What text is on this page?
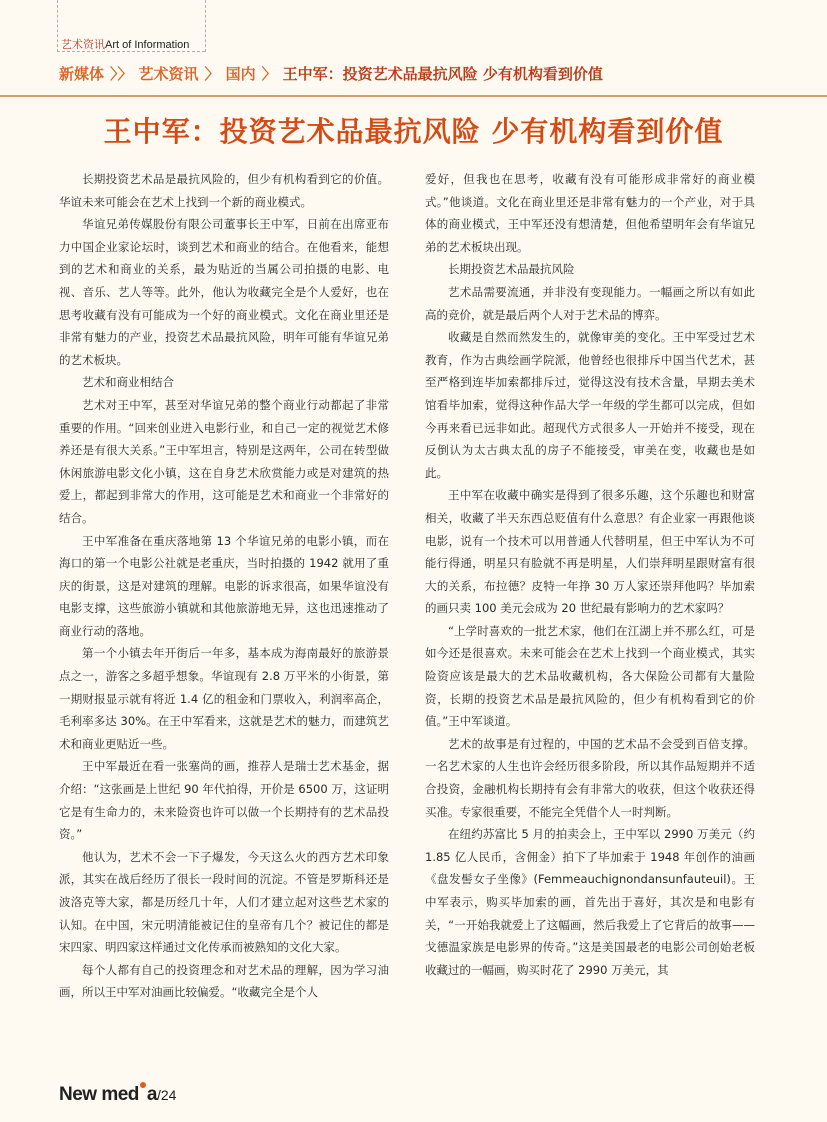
艺术资讯Art of Information
新媒体 〉〉 艺术资讯 〉 国内 〉 王中军：投资艺术品最抗风险 少有机构看到价值
王中军：投资艺术品最抗风险 少有机构看到价值

长期投资艺术品是最抗风险的，但少有机构看到它的价值。华谊未来可能会在艺术上找到一个新的商业模式。

华谊兄弟传媒股份有限公司董事长王中军，日前在出席亚布力中国企业家论坛时，谈到艺术和商业的结合。在他看来，能想到的艺术和商业的关系，最为贴近的当属公司拍摄的电影、电视、音乐、艺人等等。此外，他认为收藏完全是个人爱好，也在思考收藏有没有可能成为一个好的商业模式。文化在商业里还是非常有魅力的产业，投资艺术品最抗风险，明年可能有华谊兄弟的艺术板块。

艺术和商业相结合

艺术对王中军，甚至对华谊兄弟的整个商业行动都起了非常重要的作用。“回来创业进入电影行业，和自己一定的视觉艺术修养还是有很大关系。”王中军坦言，特别是这两年，公司在转型做休闲旅游电影文化小镇，这在自身艺术欣赏能力或是对建筑的热爱上，都起到非常大的作用，这可能是艺术和商业一个非常好的结合。

王中军准备在重庆落地第 13 个华谊兄弟的电影小镇，而在海口的第一个电影公社就是老重庆，当时拍摄的 1942 就用了重庆的街景，这是对建筑的理解。电影的诉求很高，如果华谊没有电影支撑，这些旅游小镇就和其他旅游地无异，这也迅速推动了商业行动的落地。

第一个小镇去年开街后一年多，基本成为海南最好的旅游景点之一，游客之多超乎想象。华谊现有 2.8 万平米的小街景，第一期财报显示就有将近 1.4 亿的租金和门票收入，利润率高企，毛利率多达 30%。在王中军看来，这就是艺术的魅力，而建筑艺术和商业更贴近一些。

王中军最近在看一张塞尚的画，推荐人是瑞士艺术基金，据介绍：“这张画是上世纪 90 年代拍得，开价是 6500 万，这证明它是有生命力的，未来险资也许可以做一个长期持有的艺术品投资。”

他认为，艺术不会一下子爆发，今天这么火的西方艺术印象派，其实在战后经历了很长一段时间的沉淀。不管是罗斯科还是波洛克等大家，都是历经几十年，人们才建立起对这些艺术家的认知。在中国，宋元明清能被记住的皇帝有几个？被记住的都是宋四家、明四家这样通过文化传承而被熟知的文化大家。

每个人都有自己的投资理念和对艺术品的理解，因为学习油画，所以王中军对油画比较偏爱。“收藏完全是个人

爱好，但我也在思考，收藏有没有可能形成非常好的商业模式。”他谈道。文化在商业里还是非常有魅力的一个产业，对于具体的商业模式，王中军还没有想清楚，但他希望明年会有华谊兄弟的艺术板块出现。

长期投资艺术品最抗风险

艺术品需要流通，并非没有变现能力。一幅画之所以有如此高的竞价，就是最后两个人对于艺术品的博弈。

收藏是自然而然发生的，就像审美的变化。王中军受过艺术教育，作为古典绘画学院派，他曾经也很排斥中国当代艺术，甚至严格到连毕加索都排斥过，觉得这没有技术含量，早期去美术馆看毕加索，觉得这种作品大学一年级的学生都可以完成，但如今再来看已远非如此。超现代方式很多人一开始并不接受，现在反倒认为太古典太乱的房子不能接受，审美在变，收藏也是如此。

王中军在收藏中确实是得到了很多乐趣，这个乐趣也和财富相关，收藏了半天东西总贬值有什么意思？有企业家一再跟他谈电影，说有一个技术可以用普通人代替明星，但王中军认为不可能行得通，明星只有脸就不再是明星，人们崇拜明星跟财富有很大的关系，布拉德？皮特一年挣 30 万人家还崇拜他吗？毕加索的画只卖 100 美元会成为 20 世纪最有影响力的艺术家吗？

“上学时喜欢的一批艺术家，他们在江湖上并不那么红，可是如今还是很喜欢。未来可能会在艺术上找到一个商业模式，其实险资应该是最大的艺术品收藏机构，各大保险公司都有大量险资，长期的投资艺术品是最抗风险的，但少有机构看到它的价值。”王中军谈道。

艺术的故事是有过程的，中国的艺术品不会受到百倍支撑。一名艺术家的人生也许会经历很多阶段，所以其作品短期并不适合投资，金融机构长期持有会有非常大的收获，但这个收获还得买准。专家很重要，不能完全凭借个人一时判断。

在纽约苏富比 5 月的拍卖会上，王中军以 2990 万美元（约 1.85 亿人民币，含佣金）拍下了毕加索于 1948 年创作的油画《盘发髻女子坐像》(Femmeauchignondansunfauteuil)。王中军表示，购买毕加索的画，首先出于喜好，其次是和电影有关，“一开始我就爱上了这幅画，然后我爱上了它背后的故事——戈德温家族是电影界的传奇。”这是美国最老的电影公司创始老板收藏过的一幅画，购买时花了 2990 万美元，其

New med a/24
